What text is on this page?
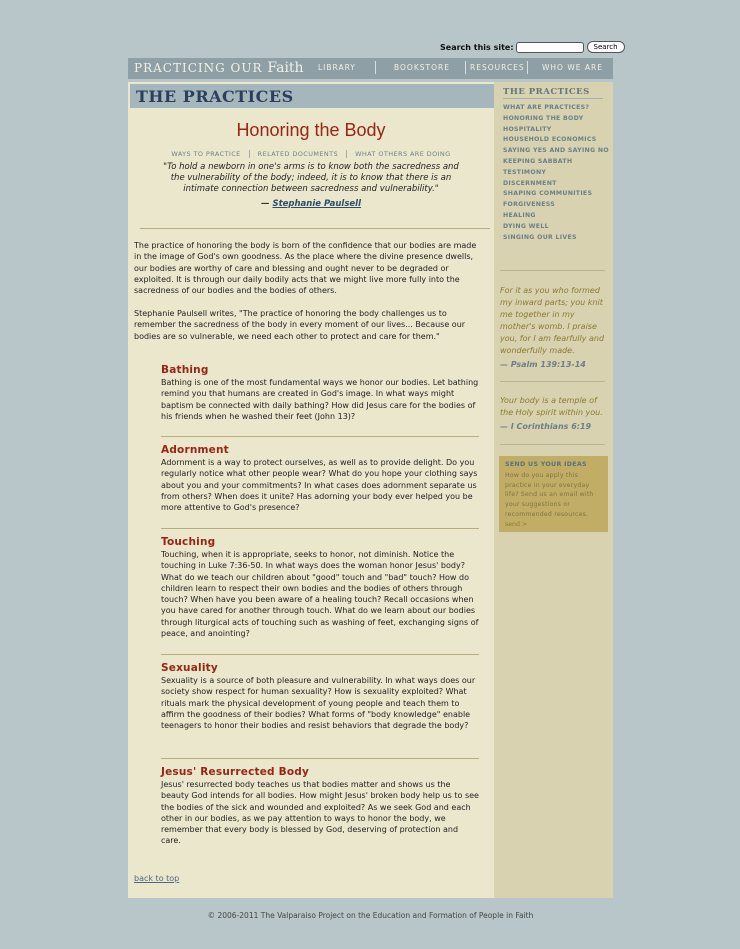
Search this site:	Search
PRACTICING OUR Faith LIBRARY	BOOKSTORE	RESOURCES WHO WE ARE
THE PRACTICES
Honoring the Body
WAYS TO PRACTICE	RELATED DOCUMENTS	WHAT OTHERS ARE DOING
"To hold a newborn in one's arms is to know both the sacredness and the vulnerability of the body; indeed, it is to know that there is an intimate connection between sacredness and vulnerability."
— Stephanie Paulsell
The practice of honoring the body is born of the confidence that our bodies are made in the image of God's own goodness. As the place where the divine presence dwells, our bodies are worthy of care and blessing and ought never to be degraded or exploited. It is through our daily bodily acts that we might live more fully into the sacredness of our bodies and the bodies of others.
Stephanie Paulsell writes, "The practice of honoring the body challenges us to remember the sacredness of the body in every moment of our lives... Because our bodies are so vulnerable, we need each other to protect and care for them."
Bathing

Bathing is one of the most fundamental ways we honor our bodies. Let bathing remind you that humans are created in God's image. In what ways might baptism be connected with daily bathing? How did Jesus care for the bodies of his friends when he washed their feet (John 13)?

Adornment

Adornment is a way to protect ourselves, as well as to provide delight. Do you regularly notice what other people wear? What do you hope your clothing says about you and your commitments? In what cases does adornment separate us from others? When does it unite? Has adorning your body ever helped you be more attentive to God's presence?

Touching

Touching, when it is appropriate, seeks to honor, not diminish. Notice the touching in Luke 7:36-50. In what ways does the woman honor Jesus' body? What do we teach our children about "good" touch and "bad" touch? How do children learn to respect their own bodies and the bodies of others through touch? When have you been aware of a healing touch? Recall occasions when you have cared for another through touch. What do we learn about our bodies through liturgical acts of touching such as washing of feet, exchanging signs of peace, and anointing?

Sexuality

Sexuality is a source of both pleasure and vulnerability. In what ways does our society show respect for human sexuality? How is sexuality exploited? What rituals mark the physical development of young people and teach them to affirm the goodness of their bodies? What forms of "body knowledge" enable teenagers to honor their bodies and resist behaviors that degrade the body?

Jesus' Resurrected Body

Jesus' resurrected body teaches us that bodies matter and shows us the beauty God intends for all bodies. How might Jesus' broken body help us to see the bodies of the sick and wounded and exploited? As we seek God and each other in our bodies, as we pay attention to ways to honor the body, we remember that every body is blessed by God, deserving of protection and care.

back to top
THE PRACTICES
WHAT ARE PRACTICES?
HONORING THE BODY
HOSPITALITY
HOUSEHOLD ECONOMICS
SAYING YES AND SAYING NO
KEEPING SABBATH
TESTIMONY
DISCERNMENT
SHAPING COMMUNITIES
FORGIVENESS
HEALING
DYING WELL
SINGING OUR LIVES
For it as you who formed my inward parts; you knit me together in my mother's womb. I praise you, for I am fearfully and wonderfully made.
— Psalm 139:13-14
Your body is a temple of the Holy spirit within you.
— I Corinthians 6:19
SEND US YOUR IDEAS
How do you apply this practice in your everyday life? Send us an email with your suggestions or recommended resources.
send >
© 2006-2011 The Valparaiso Project on the Education and Formation of People in Faith
